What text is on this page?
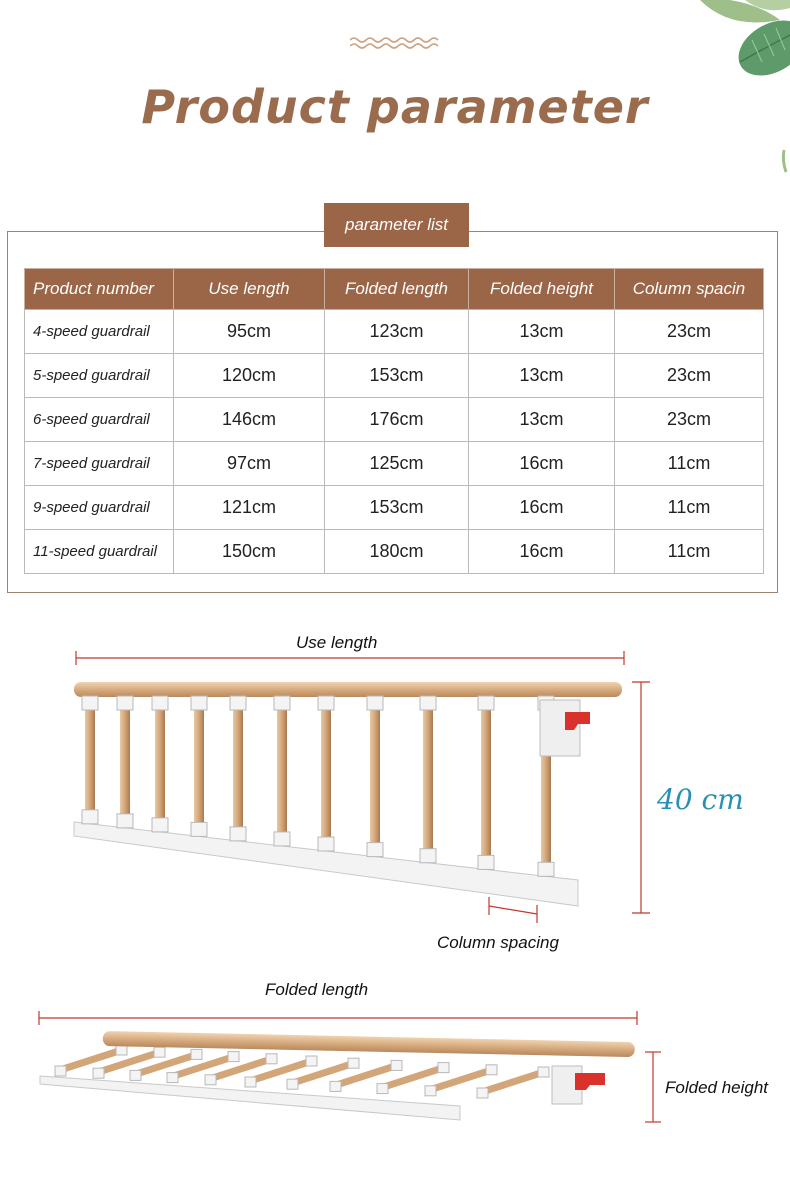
Product parameter
parameter list
Product number	Use length	Folded length	Folded height	Column spacin
4-speed guardrail	95cm	123cm	13cm	23cm
5-speed guardrail	120cm	153cm	13cm	23cm
6-speed guardrail	146cm	176cm	13cm	23cm
7-speed guardrail	97cm	125cm	16cm	11cm
9-speed guardrail	121cm	153cm	16cm	11cm
11-speed guardrail	150cm	180cm	16cm	11cm
Use length
40 cm
Column spacing
Folded length
Folded height
